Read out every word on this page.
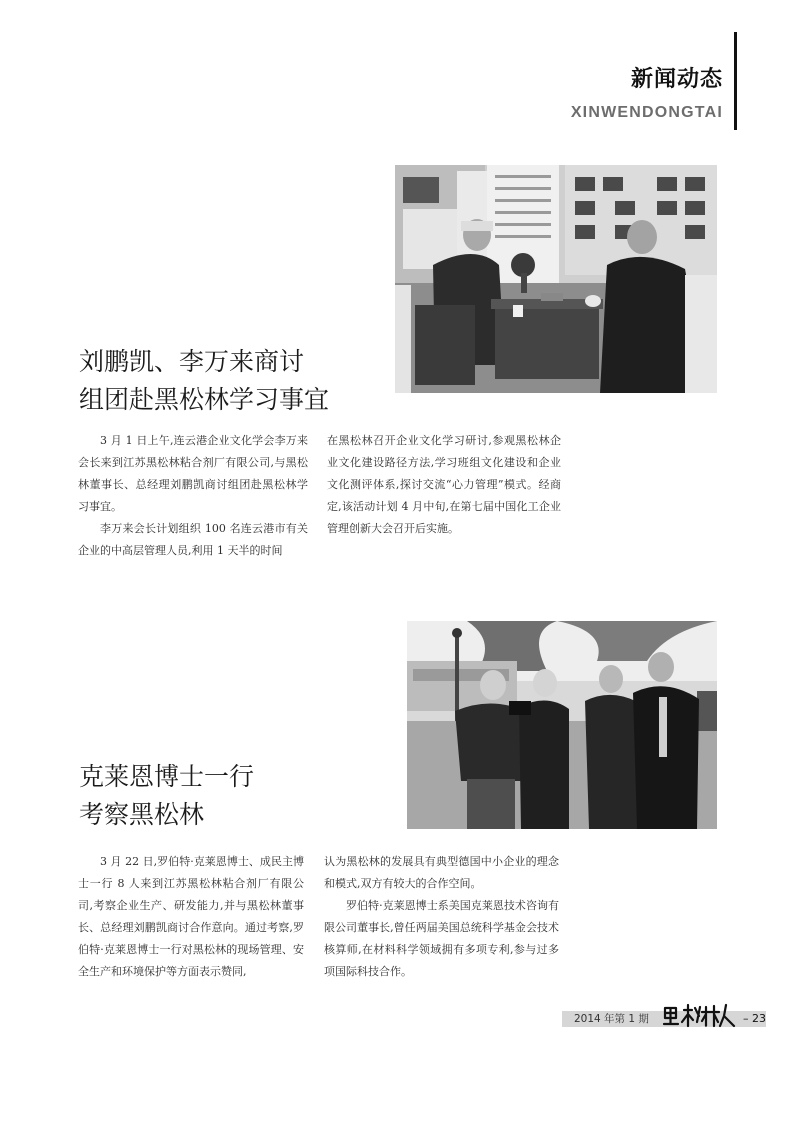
新闻动态
XINWENDONGTAI
刘鹏凯、李万来商讨
组团赴黑松林学习事宜

3 月 1 日上午,连云港企业文化学会李万来会长来到江苏黑松林粘合剂厂有限公司,与黑松林董事长、总经理刘鹏凯商讨组团赴黑松林学习事宜。

李万来会长计划组织 100 名连云港市有关企业的中高层管理人员,利用 1 天半的时间

在黑松林召开企业文化学习研讨,参观黑松林企业文化建设路径方法,学习班组文化建设和企业文化测评体系,探讨交流“心力管理”模式。经商定,该活动计划 4 月中旬,在第七届中国化工企业管理创新大会召开后实施。

克莱恩博士一行
考察黑松林

3 月 22 日,罗伯特·克莱恩博士、成民主博士一行 8 人来到江苏黑松林粘合剂厂有限公司,考察企业生产、研发能力,并与黑松林董事长、总经理刘鹏凯商讨合作意向。通过考察,罗伯特·克莱恩博士一行对黑松林的现场管理、安全生产和环境保护等方面表示赞同,

认为黑松林的发展具有典型德国中小企业的理念和模式,双方有较大的合作空间。

罗伯特·克莱恩博士系美国克莱恩技术咨询有限公司董事长,曾任两届美国总统科学基金会技术核算师,在材料科学领域拥有多项专利,参与过多项国际科技合作。

2014 年第 1 期
黑松林人
– 23
